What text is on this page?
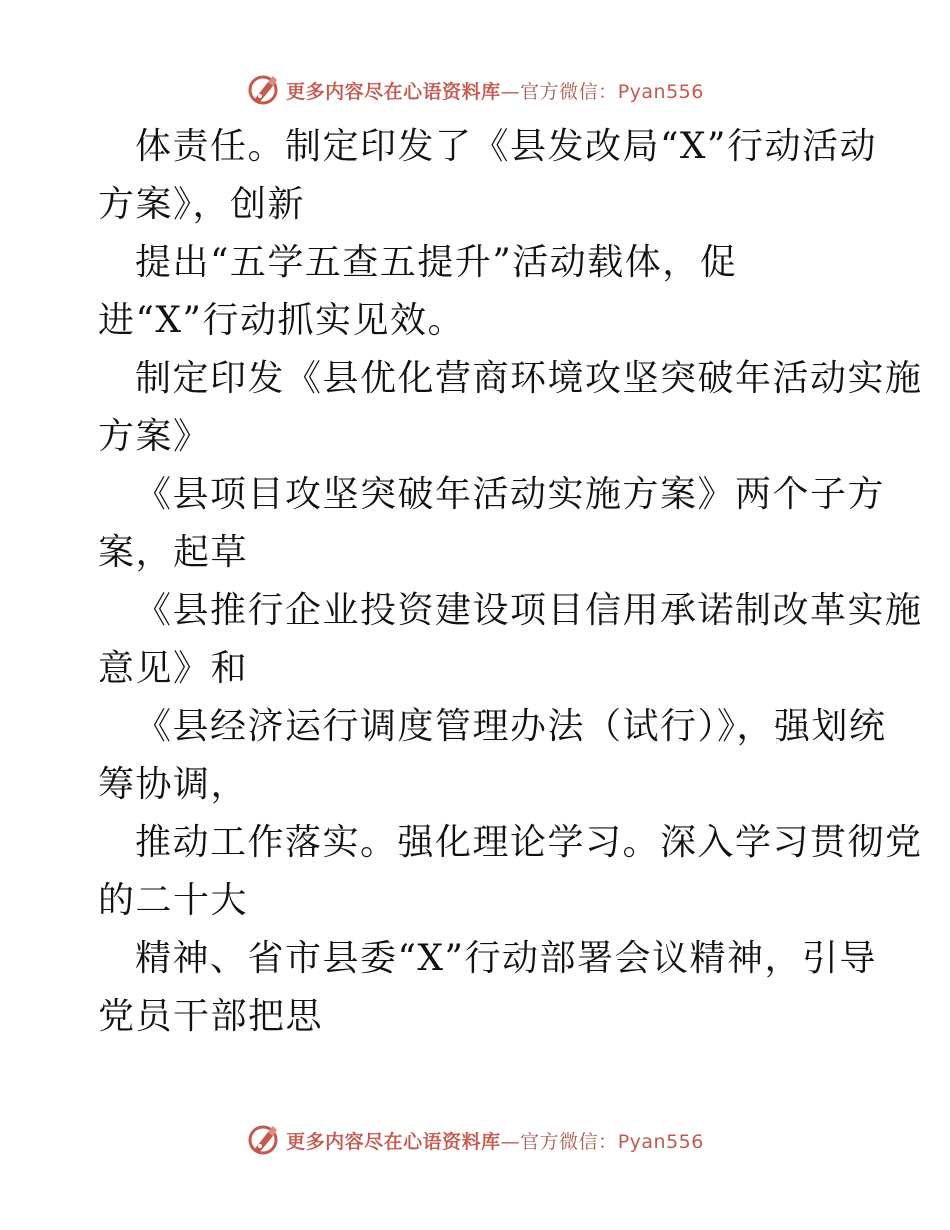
更多内容尽在心语资料库—官方微信：Pyan556
体责任。制定印发了《县发改局“X”行动活动
方案》，创新
提出“五学五查五提升”活动载体，促
进“X”行动抓实见效。
制定印发《县优化营商环境攻坚突破年活动实施
方案》
《县项目攻坚突破年活动实施方案》两个子方
案，起草
《县推行企业投资建设项目信用承诺制改革实施
意见》和
《县经济运行调度管理办法（试行）》，强划统
筹协调，
推动工作落实。强化理论学习。深入学习贯彻党
的二十大
精神、省市县委“X”行动部署会议精神，引导
党员干部把思
更多内容尽在心语资料库—官方微信：Pyan556
